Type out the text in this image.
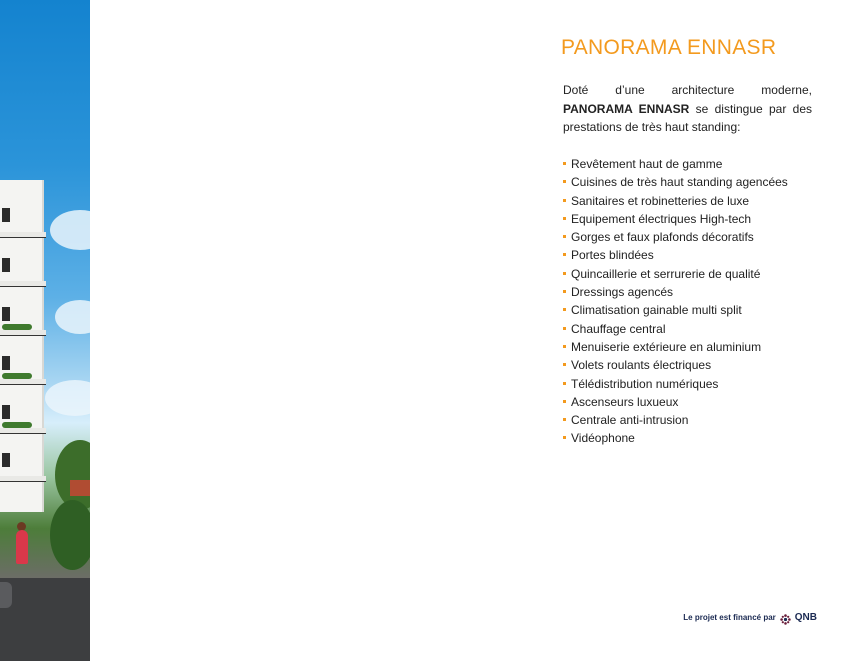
PANORAMA ENNASR

Doté d’une architecture moderne, PANORAMA ENNASR se distingue par des prestations de très haut standing:

Revêtement haut de gamme
Cuisines de très haut standing agencées
Sanitaires et robinetteries de luxe
Equipement électriques High-tech
Gorges et faux plafonds décoratifs
Portes blindées
Quincaillerie et serrurerie de qualité
Dressings agencés
Climatisation gainable multi split
Chauffage central
Menuiserie extérieure en aluminium
Volets roulants électriques
Télédistribution numériques
Ascenseurs luxueux
Centrale anti-intrusion
Vidéophone
Le projet est financé par QNB
